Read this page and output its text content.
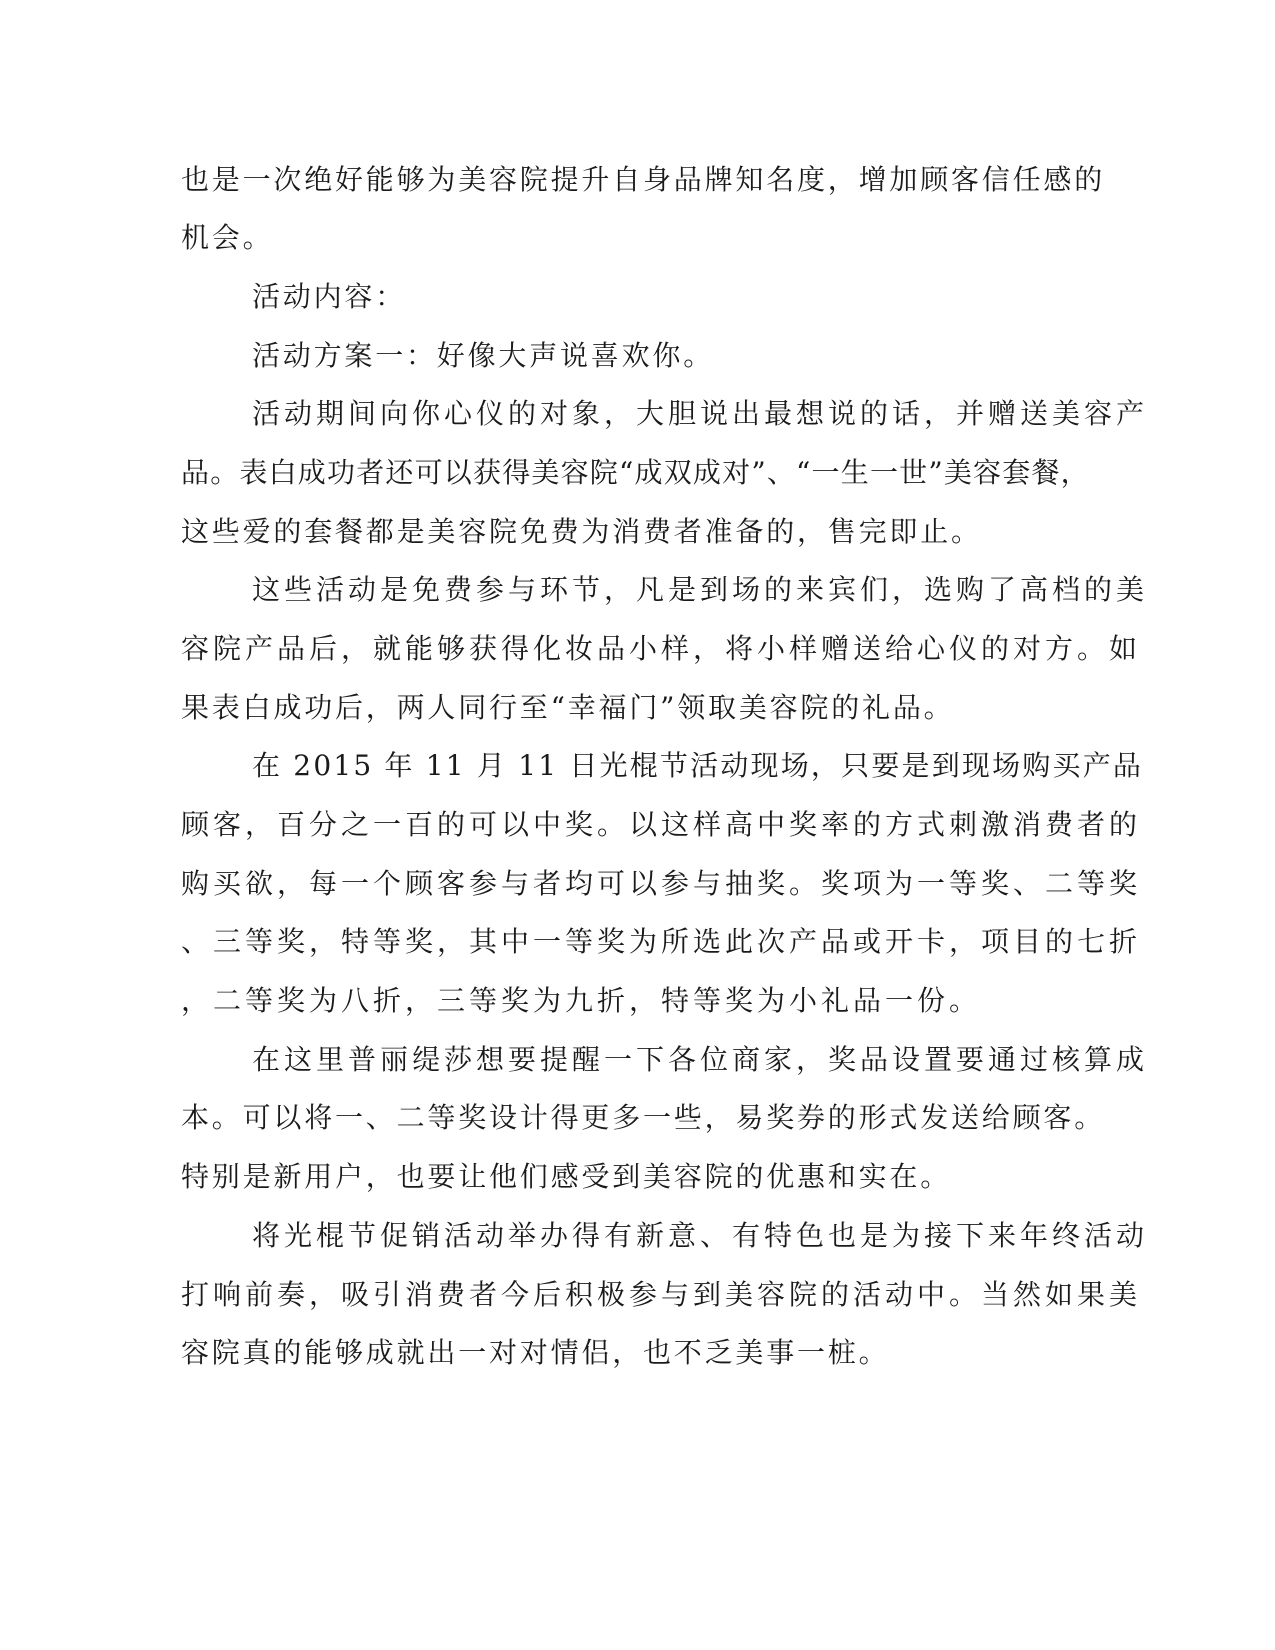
也是一次绝好能够为美容院提升自身品牌知名度，增加顾客信任感的
机会。
活动内容：
活动方案一：好像大声说喜欢你。
活动期间向你心仪的对象，大胆说出最想说的话，并赠送美容产
品。表白成功者还可以获得美容院“成双成对”、“一生一世”美容套餐，
这些爱的套餐都是美容院免费为消费者准备的，售完即止。
这些活动是免费参与环节，凡是到场的来宾们，选购了高档的美
容院产品后，就能够获得化妆品小样，将小样赠送给心仪的对方。如
果表白成功后，两人同行至“幸福门”领取美容院的礼品。
在 2015 年 11 月 11 日光棍节活动现场，只要是到现场购买产品
顾客，百分之一百的可以中奖。以这样高中奖率的方式刺激消费者的
购买欲，每一个顾客参与者均可以参与抽奖。奖项为一等奖、二等奖
、三等奖，特等奖，其中一等奖为所选此次产品或开卡，项目的七折
，二等奖为八折，三等奖为九折，特等奖为小礼品一份。
在这里普丽缇莎想要提醒一下各位商家，奖品设置要通过核算成
本。可以将一、二等奖设计得更多一些，易奖券的形式发送给顾客。
特别是新用户，也要让他们感受到美容院的优惠和实在。
将光棍节促销活动举办得有新意、有特色也是为接下来年终活动
打响前奏，吸引消费者今后积极参与到美容院的活动中。当然如果美
容院真的能够成就出一对对情侣，也不乏美事一桩。
